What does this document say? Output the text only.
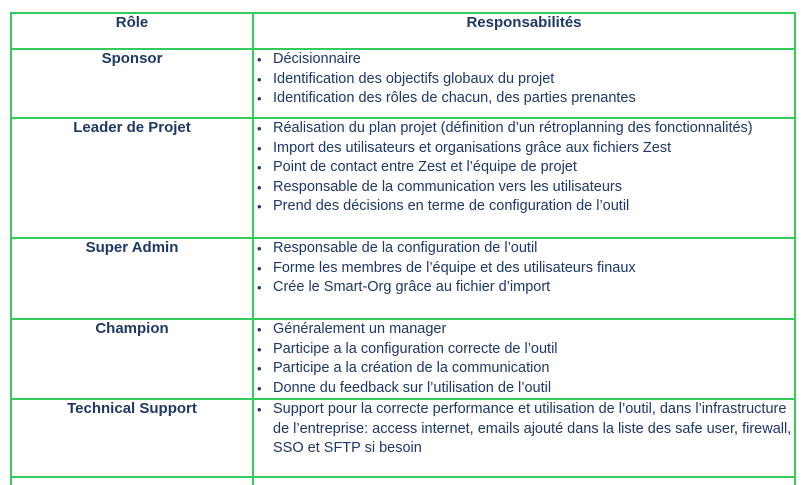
Rôle	Responsabilités
Sponsor	
•Décisionnaire
• Identification des objectifs globaux du projet
• Identification des rôles de chacun, des parties prenantes

Leader de Projet	
•Réalisation du plan projet (définition d’un rétroplanning des fonctionnalités)
• Import des utilisateurs et organisations grâce aux fichiers Zest
• Point de contact entre Zest et l’équipe de projet
• Responsable de la communication vers les utilisateurs
• Prend des décisions en terme de configuration de l’outil

Super Admin	
•Responsable de la configuration de l’outil
• Forme les membres de l’équipe et des utilisateurs finaux
• Crée le Smart-Org grâce au fichier d’import

Champion	
•Généralement un manager
• Participe a la configuration correcte de l’outil
• Participe a la création de la communication
• Donne du feedback sur l’utilisation de l’outil

Technical Support	
•Support pour la correcte performance et utilisation de l’outil, dans l’infrastructure de l’entreprise: access internet, emails ajouté dans la liste des safe user, firewall, SSO et SFTP si besoin
